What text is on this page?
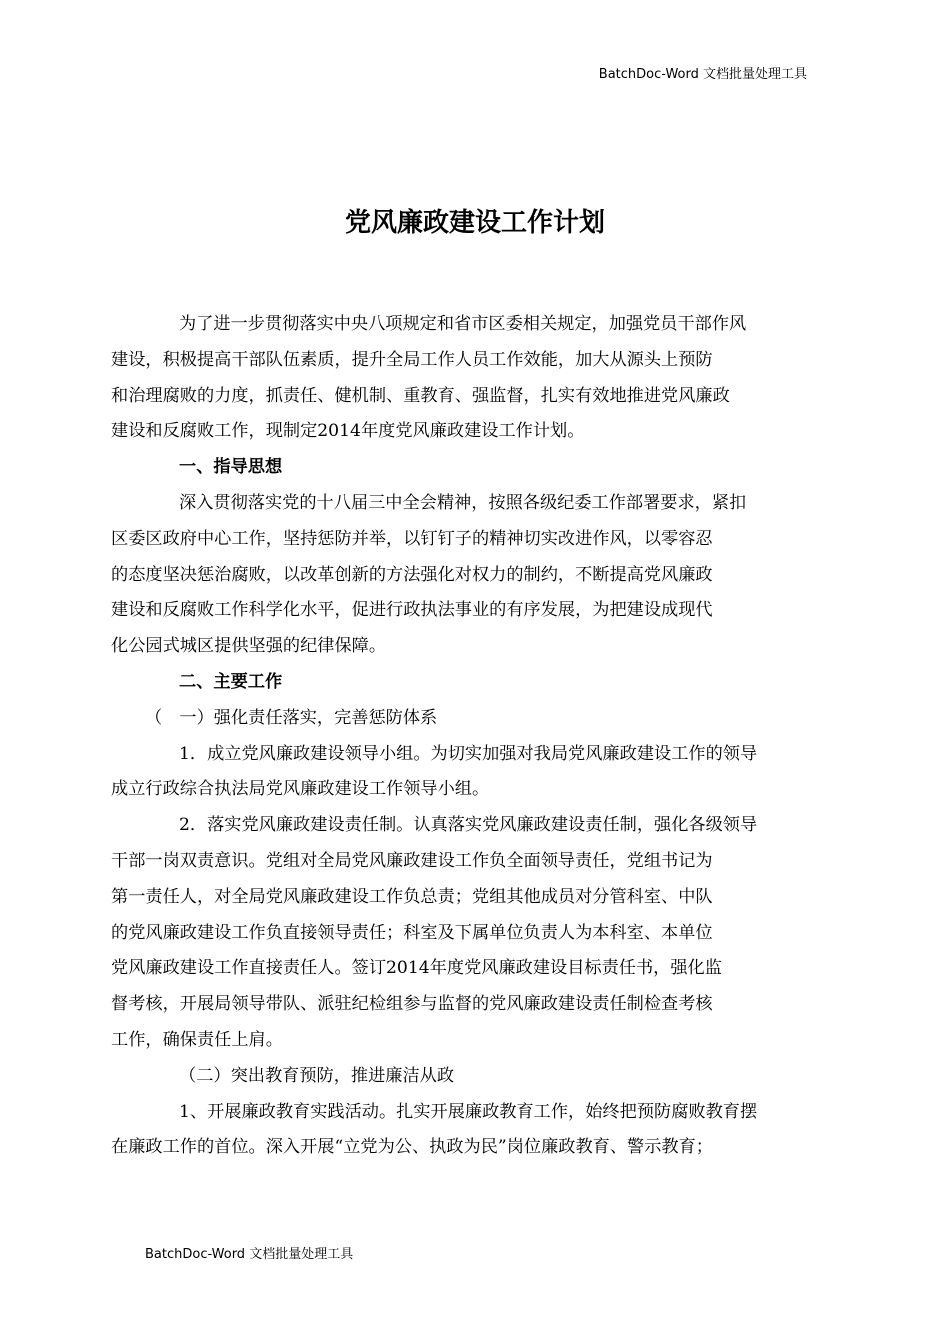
BatchDoc-Word 文档批量处理工具
党风廉政建设工作计划

为了进一步贯彻落实中央八项规定和省市区委相关规定，加强党员干部作风
建设，积极提高干部队伍素质，提升全局工作人员工作效能，加大从源头上预防
和治理腐败的力度，抓责任、健机制、重教育、强监督，扎实有效地推进党风廉政
建设和反腐败工作，现制定2014年度党风廉政建设工作计划。

一、指导思想

深入贯彻落实党的十八届三中全会精神，按照各级纪委工作部署要求，紧扣
区委区政府中心工作，坚持惩防并举，以钉钉子的精神切实改进作风，以零容忍
的态度坚决惩治腐败，以改革创新的方法强化对权力的制约，不断提高党风廉政
建设和反腐败工作科学化水平，促进行政执法事业的有序发展，为把建设成现代
化公园式城区提供坚强的纪律保障。

二、主要工作

（　一）强化责任落实，完善惩防体系

1．成立党风廉政建设领导小组。为切实加强对我局党风廉政建设工作的领导
成立行政综合执法局党风廉政建设工作领导小组。

2．落实党风廉政建设责任制。认真落实党风廉政建设责任制，强化各级领导
干部一岗双责意识。党组对全局党风廉政建设工作负全面领导责任，党组书记为
第一责任人，对全局党风廉政建设工作负总责；党组其他成员对分管科室、中队
的党风廉政建设工作负直接领导责任；科室及下属单位负责人为本科室、本单位
党风廉政建设工作直接责任人。签订2014年度党风廉政建设目标责任书，强化监
督考核，开展局领导带队、派驻纪检组参与监督的党风廉政建设责任制检查考核
工作，确保责任上肩。

（二）突出教育预防，推进廉洁从政

1、开展廉政教育实践活动。扎实开展廉政教育工作，始终把预防腐败教育摆
在廉政工作的首位。深入开展“立党为公、执政为民”岗位廉政教育、警示教育；

BatchDoc-Word 文档批量处理工具
